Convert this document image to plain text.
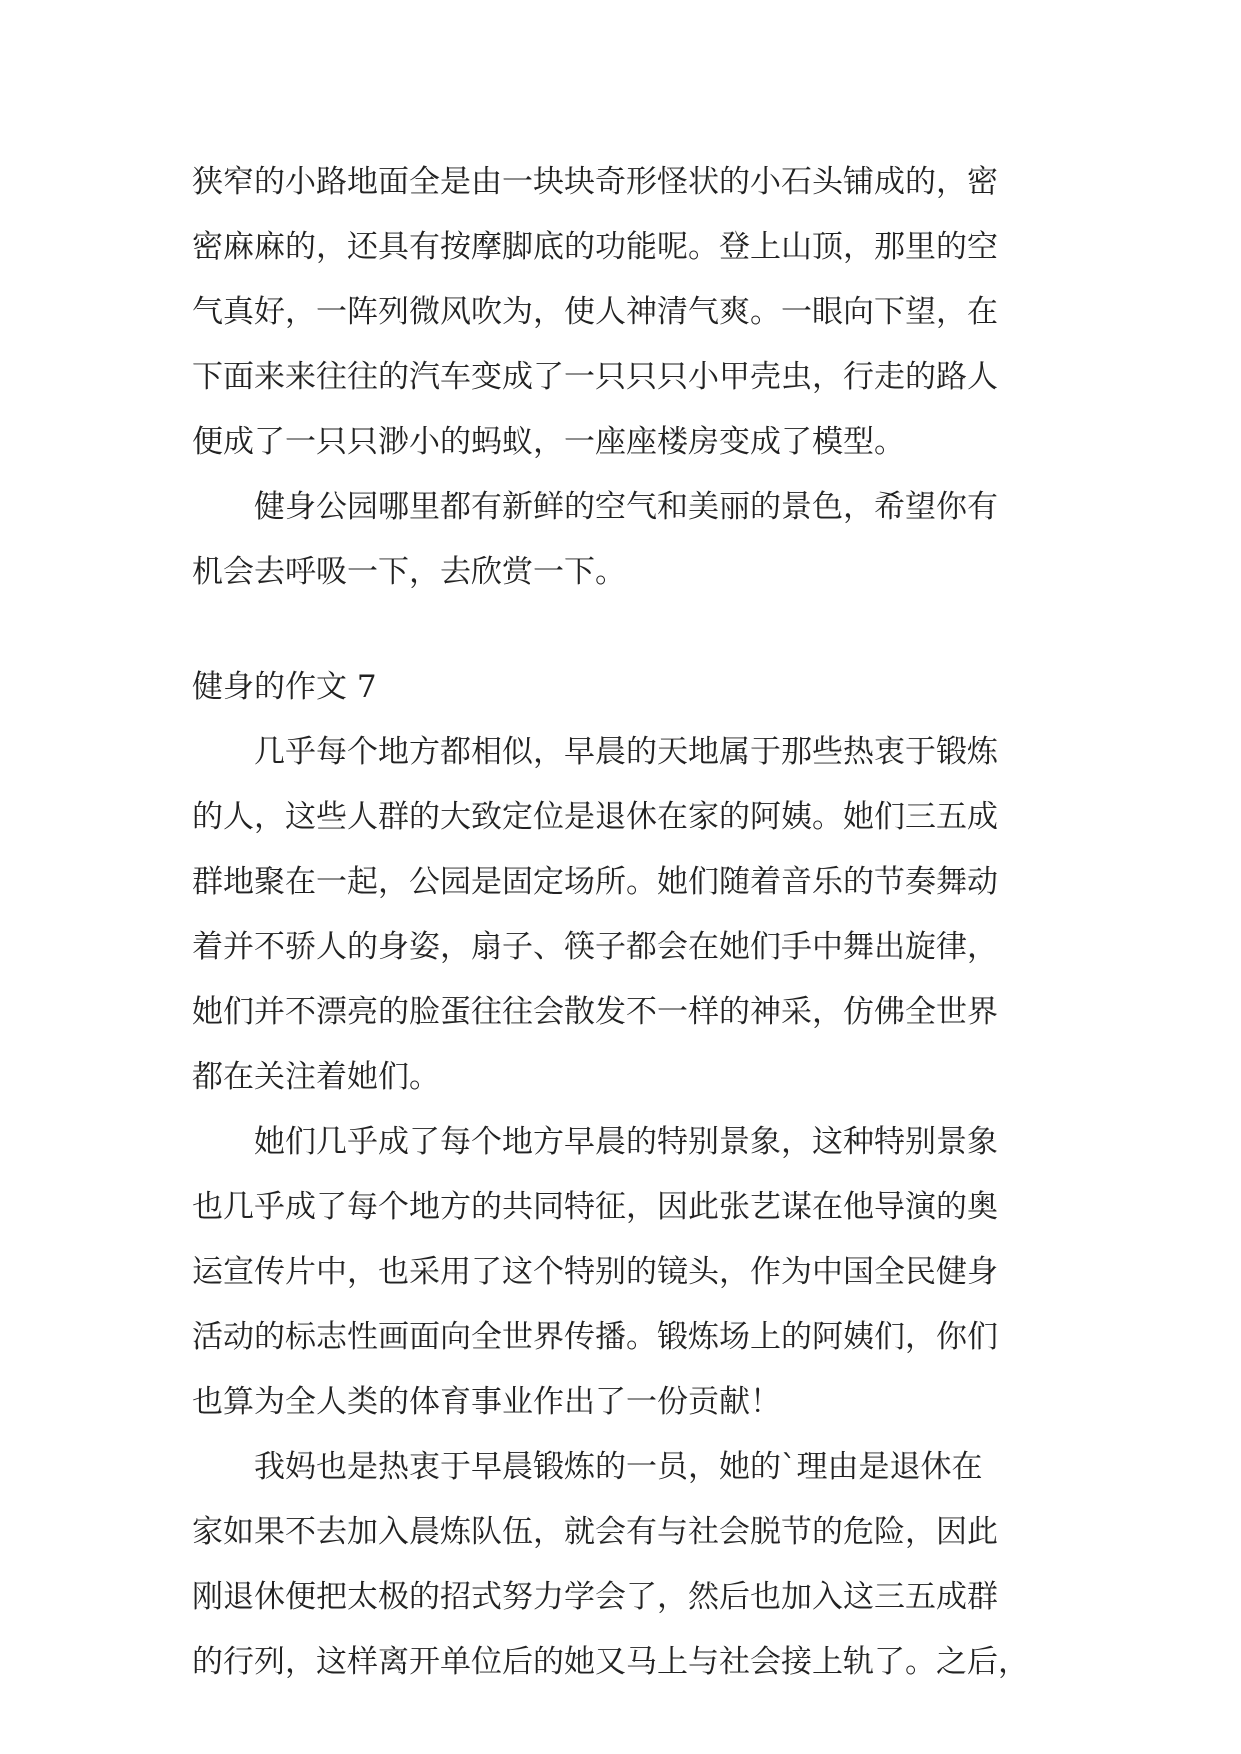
狭窄的小路地面全是由一块块奇形怪状的小石头铺成的，密
密麻麻的，还具有按摩脚底的功能呢。登上山顶，那里的空
气真好，一阵列微风吹为，使人神清气爽。一眼向下望，在
下面来来往往的汽车变成了一只只只小甲壳虫，行走的路人
便成了一只只渺小的蚂蚁，一座座楼房变成了模型。
健身公园哪里都有新鲜的空气和美丽的景色，希望你有
机会去呼吸一下，去欣赏一下。
健身的作文 7
几乎每个地方都相似，早晨的天地属于那些热衷于锻炼
的人，这些人群的大致定位是退休在家的阿姨。她们三五成
群地聚在一起，公园是固定场所。她们随着音乐的节奏舞动
着并不骄人的身姿，扇子、筷子都会在她们手中舞出旋律，
她们并不漂亮的脸蛋往往会散发不一样的神采，仿佛全世界
都在关注着她们。
她们几乎成了每个地方早晨的特别景象，这种特别景象
也几乎成了每个地方的共同特征，因此张艺谋在他导演的奥
运宣传片中，也采用了这个特别的镜头，作为中国全民健身
活动的标志性画面向全世界传播。锻炼场上的阿姨们，你们
也算为全人类的体育事业作出了一份贡献！
我妈也是热衷于早晨锻炼的一员，她的`理由是退休在
家如果不去加入晨炼队伍，就会有与社会脱节的危险，因此
刚退休便把太极的招式努力学会了，然后也加入这三五成群
的行列，这样离开单位后的她又马上与社会接上轨了。之后，
